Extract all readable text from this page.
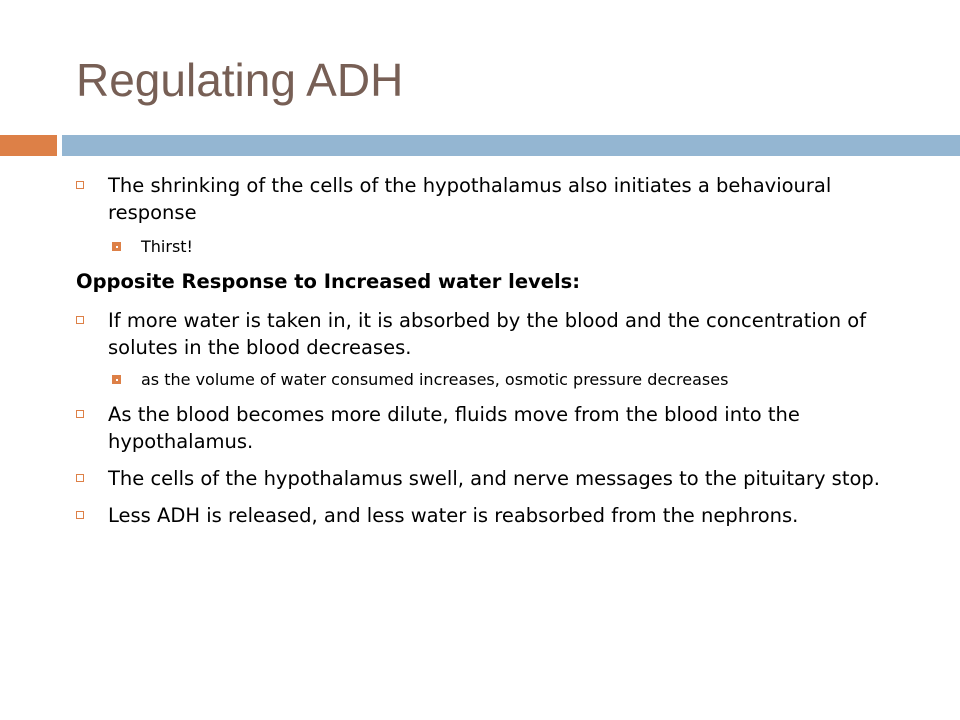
Regulating ADH
The shrinking of the cells of the hypothalamus also initiates a behavioural response
Thirst!
Opposite Response to Increased water levels:
If more water is taken in, it is absorbed by the blood and the concentration of solutes in the blood decreases.
as the volume of water consumed increases, osmotic pressure decreases
As the blood becomes more dilute, fluids move from the blood into the hypothalamus.
The cells of the hypothalamus swell, and nerve messages to the pituitary stop.
Less ADH is released, and less water is reabsorbed from the nephrons.
